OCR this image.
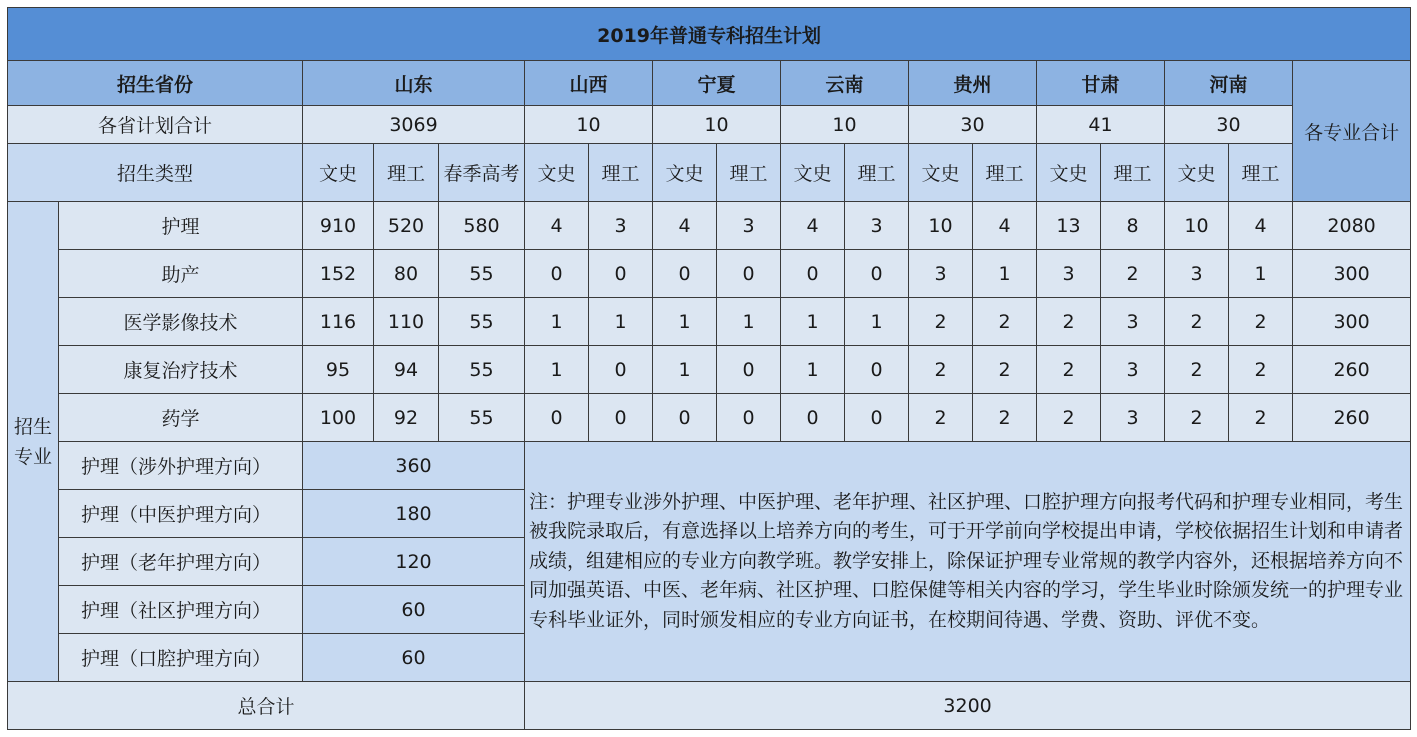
2019年普通专科招生计划																	
招生省份		山东			山西		宁夏		云南		贵州		甘肃		河南		各专业合计
各省计划合计		3069			10		10		10		30		41		30		
招生类型		文史	理工	春季高考	文史	理工	文史	理工	文史	理工	文史	理工	文史	理工	文史	理工	
招生
专业	护理	910	520	580	4	3	4	3	4	3	10	4	13	8	10	4	2080
	助产	152	80	55	0	0	0	0	0	0	3	1	3	2	3	1	300
	医学影像技术	116	110	55	1	1	1	1	1	1	2	2	2	3	2	2	300
	康复治疗技术	95	94	55	1	0	1	0	1	0	2	2	2	3	2	2	260
	药学	100	92	55	0	0	0	0	0	0	2	2	2	3	2	2	260
	护理（涉外护理方向）	360			注：护理专业涉外护理、中医护理、老年护理、社区护理、口腔护理方向报考代码和护理专业相同，考生被我院录取后，有意选择以上培养方向的考生，可于开学前向学校提出申请，学校依据招生计划和申请者成绩，组建相应的专业方向教学班。教学安排上，除保证护理专业常规的教学内容外，还根据培养方向不同加强英语、中医、老年病、社区护理、口腔保健等相关内容的学习，学生毕业时除颁发统一的护理专业专科毕业证外，同时颁发相应的专业方向证书，在校期间待遇、学费、资助、评优不变。												
	护理（中医护理方向）	180															
	护理（老年护理方向）	120															
	护理（社区护理方向）	60															
	护理（口腔护理方向）	60															
总合计					3200												
